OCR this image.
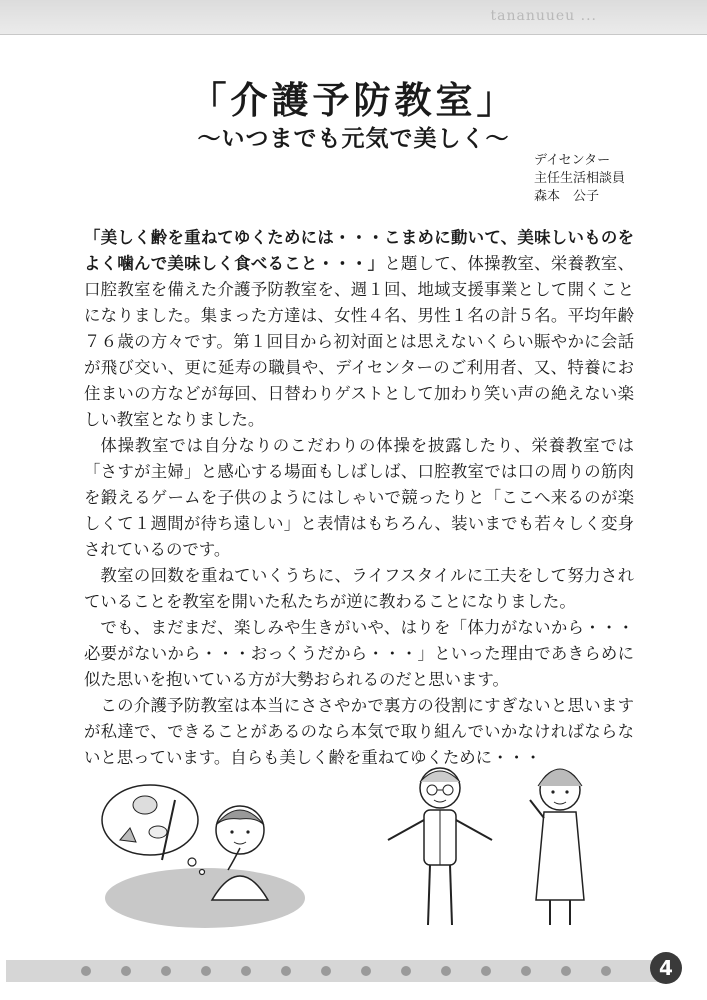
tananuueu ...
「介護予防教室」
〜いつまでも元気で美しく〜
デイセンター
主任生活相談員
森本　公子

「美しく齢を重ねてゆくためには・・・こまめに動いて、美味しいものをよく噛んで美味しく食べること・・・」と題して、体操教室、栄養教室、口腔教室を備えた介護予防教室を、週１回、地域支援事業として開くことになりました。集まった方達は、女性４名、男性１名の計５名。平均年齢７６歳の方々です。第１回目から初対面とは思えないくらい賑やかに会話が飛び交い、更に延寿の職員や、デイセンターのご利用者、又、特養にお住まいの方などが毎回、日替わりゲストとして加わり笑い声の絶えない楽しい教室となりました。

体操教室では自分なりのこだわりの体操を披露したり、栄養教室では「さすが主婦」と感心する場面もしばしば、口腔教室では口の周りの筋肉を鍛えるゲームを子供のようにはしゃいで競ったりと「ここへ来るのが楽しくて１週間が待ち遠しい」と表情はもちろん、装いまでも若々しく変身されているのです。

教室の回数を重ねていくうちに、ライフスタイルに工夫をして努力されていることを教室を開いた私たちが逆に教わることになりました。

でも、まだまだ、楽しみや生きがいや、はりを「体力がないから・・・必要がないから・・・おっくうだから・・・」といった理由であきらめに似た思いを抱いている方が大勢おられるのだと思います。

この介護予防教室は本当にささやかで裏方の役割にすぎないと思いますが私達で、できることがあるのなら本気で取り組んでいかなければならないと思っています。自らも美しく齢を重ねてゆくために・・・

4
